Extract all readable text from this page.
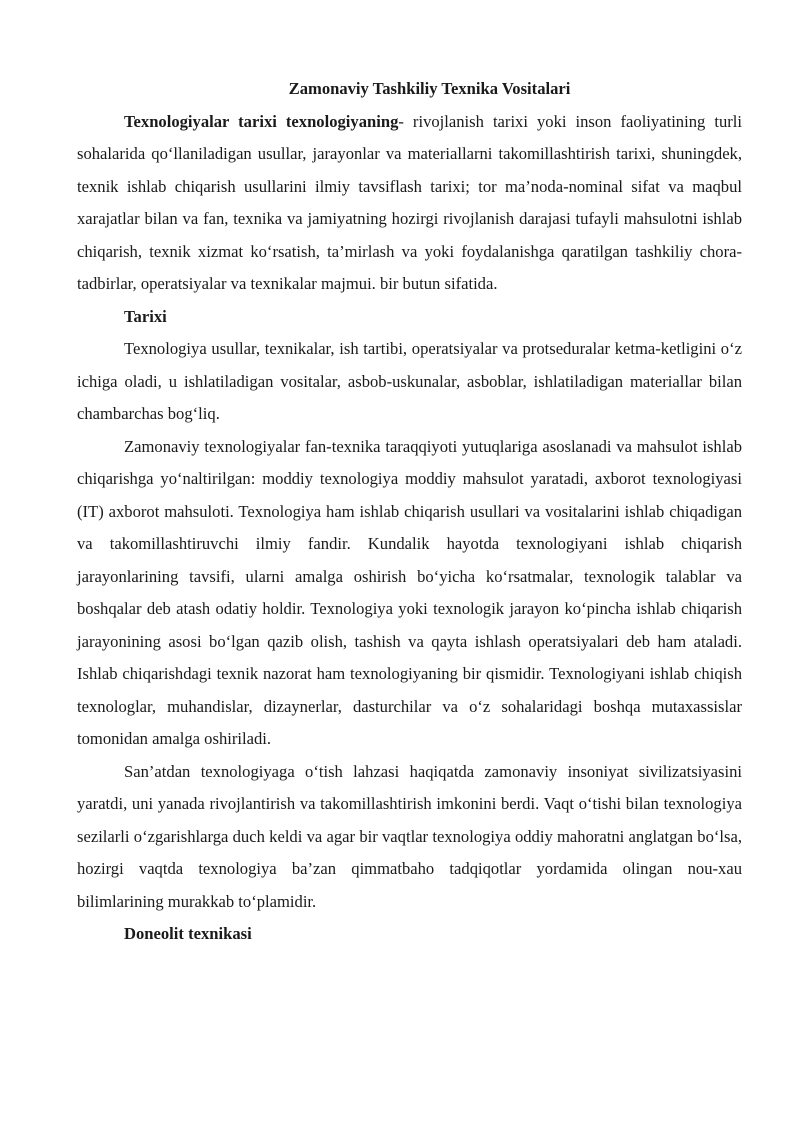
Zamonaviy Tashkiliy Texnika Vositalari

Texnologiyalar tarixi texnologiyaning- rivojlanish tarixi yoki inson faoliyatining turli sohalarida qo‘llaniladigan usullar, jarayonlar va materiallarni takomillashtirish tarixi, shuningdek, texnik ishlab chiqarish usullarini ilmiy tavsiflash tarixi; tor ma’noda-nominal sifat va maqbul xarajatlar bilan va fan, texnika va jamiyatning hozirgi rivojlanish darajasi tufayli mahsulotni ishlab chiqarish, texnik xizmat ko‘rsatish, ta’mirlash va yoki foydalanishga qaratilgan tashkiliy chora-tadbirlar, operatsiyalar va texnikalar majmui. bir butun sifatida.

Tarixi

Texnologiya usullar, texnikalar, ish tartibi, operatsiyalar va protseduralar ketma-ketligini o‘z ichiga oladi, u ishlatiladigan vositalar, asbob-uskunalar, asboblar, ishlatiladigan materiallar bilan chambarchas bog‘liq.

Zamonaviy texnologiyalar fan-texnika taraqqiyoti yutuqlariga asoslanadi va mahsulot ishlab chiqarishga yo‘naltirilgan: moddiy texnologiya moddiy mahsulot yaratadi, axborot texnologiyasi (IT) axborot mahsuloti. Texnologiya ham ishlab chiqarish usullari va vositalarini ishlab chiqadigan va takomillashtiruvchi ilmiy fandir. Kundalik hayotda texnologiyani ishlab chiqarish jarayonlarining tavsifi, ularni amalga oshirish bo‘yicha ko‘rsatmalar, texnologik talablar va boshqalar deb atash odatiy holdir. Texnologiya yoki texnologik jarayon ko‘pincha ishlab chiqarish jarayonining asosi bo‘lgan qazib olish, tashish va qayta ishlash operatsiyalari deb ham ataladi. Ishlab chiqarishdagi texnik nazorat ham texnologiyaning bir qismidir. Texnologiyani ishlab chiqish texnologlar, muhandislar, dizaynerlar, dasturchilar va o‘z sohalaridagi boshqa mutaxassislar tomonidan amalga oshiriladi.

San’atdan texnologiyaga o‘tish lahzasi haqiqatda zamonaviy insoniyat sivilizatsiyasini yaratdi, uni yanada rivojlantirish va takomillashtirish imkonini berdi. Vaqt o‘tishi bilan texnologiya sezilarli o‘zgarishlarga duch keldi va agar bir vaqtlar texnologiya oddiy mahoratni anglatgan bo‘lsa, hozirgi vaqtda texnologiya ba’zan qimmatbaho tadqiqotlar yordamida olingan nou-xau bilimlarining murakkab to‘plamidir.

Doneolit texnikasi
